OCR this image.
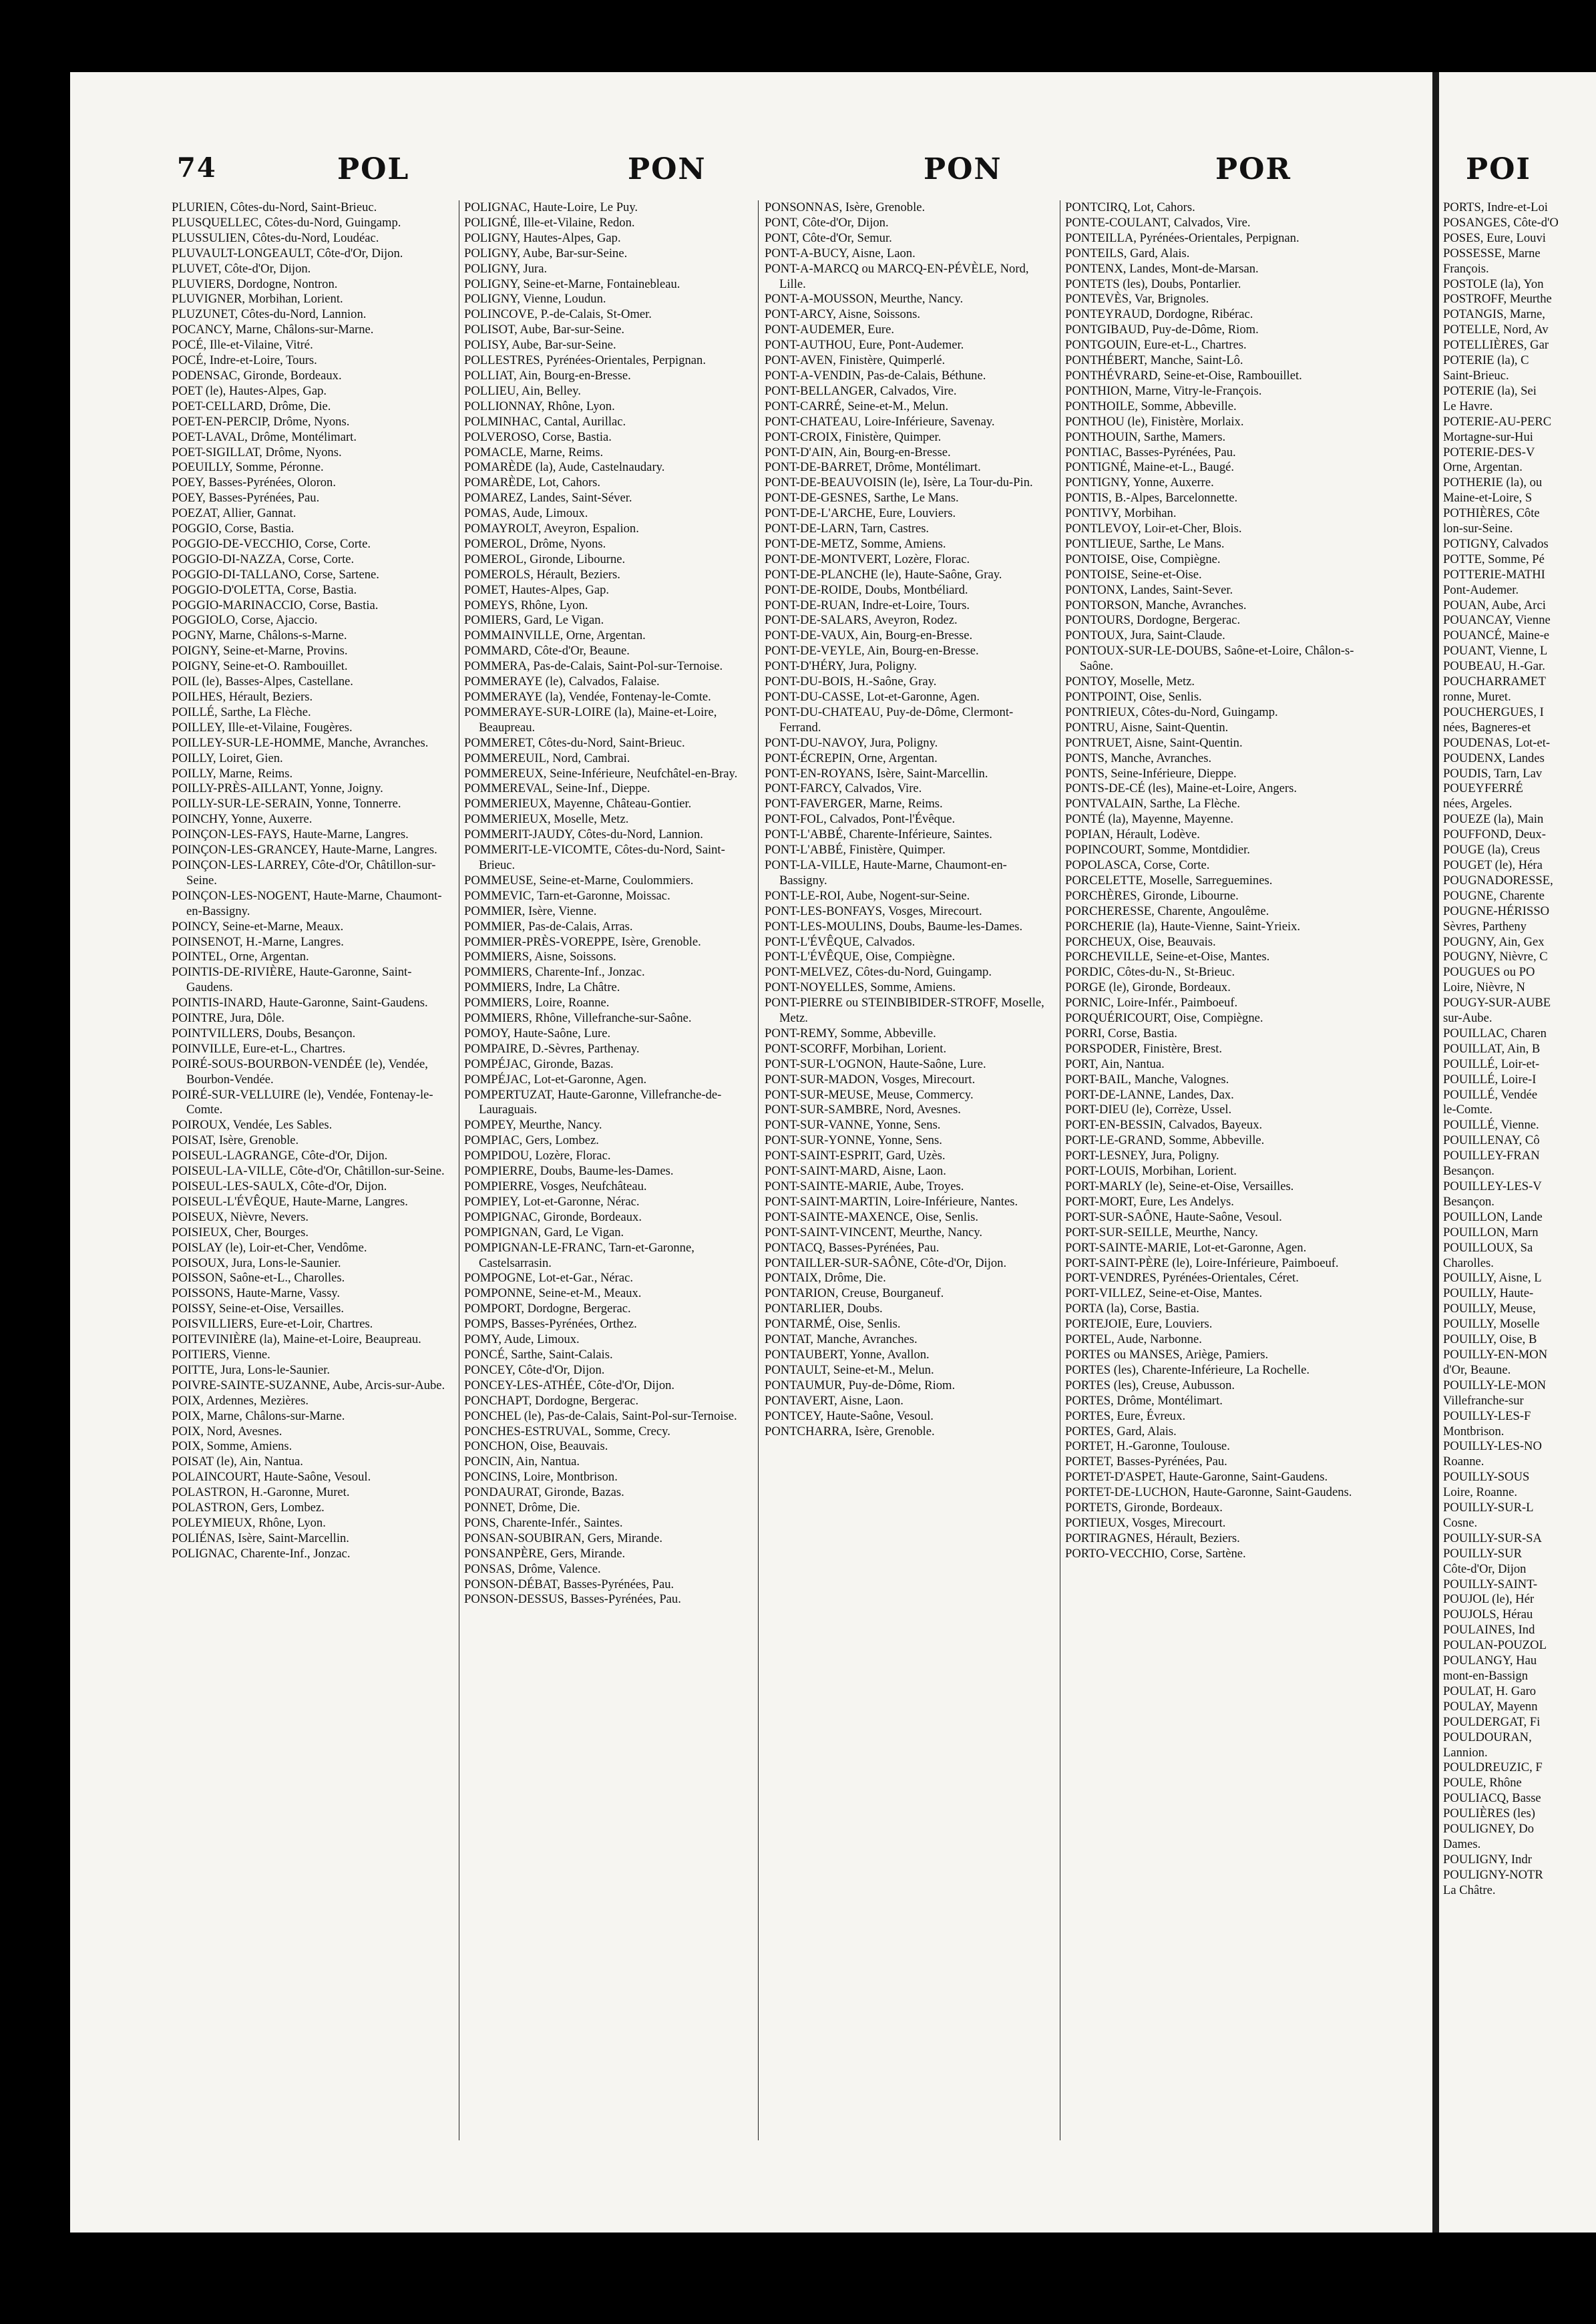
74	POL	PON	PON	POR

PLURIEN, Côtes-du-Nord, Saint-Brieuc.

PLUSQUELLEC, Côtes-du-Nord, Guingamp.

PLUSSULIEN, Côtes-du-Nord, Loudéac.

PLUVAULT-LONGEAULT, Côte-d'Or, Dijon.

PLUVET, Côte-d'Or, Dijon.

PLUVIERS, Dordogne, Nontron.

PLUVIGNER, Morbihan, Lorient.

PLUZUNET, Côtes-du-Nord, Lannion.

POCANCY, Marne, Châlons-sur-Marne.

POCÉ, Ille-et-Vilaine, Vitré.

POCÉ, Indre-et-Loire, Tours.

PODENSAC, Gironde, Bordeaux.

POET (le), Hautes-Alpes, Gap.

POET-CELLARD, Drôme, Die.

POET-EN-PERCIP, Drôme, Nyons.

POET-LAVAL, Drôme, Montélimart.

POET-SIGILLAT, Drôme, Nyons.

POEUILLY, Somme, Péronne.

POEY, Basses-Pyrénées, Oloron.

POEY, Basses-Pyrénées, Pau.

POEZAT, Allier, Gannat.

POGGIO, Corse, Bastia.

POGGIO-DE-VECCHIO, Corse, Corte.

POGGIO-DI-NAZZA, Corse, Corte.

POGGIO-DI-TALLANO, Corse, Sartene.

POGGIO-D'OLETTA, Corse, Bastia.

POGGIO-MARINACCIO, Corse, Bastia.

POGGIOLO, Corse, Ajaccio.

POGNY, Marne, Châlons-s-Marne.

POIGNY, Seine-et-Marne, Provins.

POIGNY, Seine-et-O. Rambouillet.

POIL (le), Basses-Alpes, Castellane.

POILHES, Hérault, Beziers.

POILLÉ, Sarthe, La Flèche.

POILLEY, Ille-et-Vilaine, Fougères.

POILLEY-SUR-LE-HOMME, Manche, Avranches.

POILLY, Loiret, Gien.

POILLY, Marne, Reims.

POILLY-PRÈS-AILLANT, Yonne, Joigny.

POILLY-SUR-LE-SERAIN, Yonne, Tonnerre.

POINCHY, Yonne, Auxerre.

POINÇON-LES-FAYS, Haute-Marne, Langres.

POINÇON-LES-GRANCEY, Haute-Marne, Langres.

POINÇON-LES-LARREY, Côte-d'Or, Châtillon-sur-Seine.

POINÇON-LES-NOGENT, Haute-Marne, Chaumont-en-Bassigny.

POINCY, Seine-et-Marne, Meaux.

POINSENOT, H.-Marne, Langres.

POINTEL, Orne, Argentan.

POINTIS-DE-RIVIÈRE, Haute-Garonne, Saint-Gaudens.

POINTIS-INARD, Haute-Garonne, Saint-Gaudens.

POINTRE, Jura, Dôle.

POINTVILLERS, Doubs, Besançon.

POINVILLE, Eure-et-L., Chartres.

POIRÉ-SOUS-BOURBON-VENDÉE (le), Vendée, Bourbon-Vendée.

POIRÉ-SUR-VELLUIRE (le), Vendée, Fontenay-le-Comte.

POIROUX, Vendée, Les Sables.

POISAT, Isère, Grenoble.

POISEUL-LAGRANGE, Côte-d'Or, Dijon.

POISEUL-LA-VILLE, Côte-d'Or, Châtillon-sur-Seine.

POISEUL-LES-SAULX, Côte-d'Or, Dijon.

POISEUL-L'ÉVÊQUE, Haute-Marne, Langres.

POISEUX, Nièvre, Nevers.

POISIEUX, Cher, Bourges.

POISLAY (le), Loir-et-Cher, Vendôme.

POISOUX, Jura, Lons-le-Saunier.

POISSON, Saône-et-L., Charolles.

POISSONS, Haute-Marne, Vassy.

POISSY, Seine-et-Oise, Versailles.

POISVILLIERS, Eure-et-Loir, Chartres.

POITEVINIÈRE (la), Maine-et-Loire, Beaupreau.

POITIERS, Vienne.

POITTE, Jura, Lons-le-Saunier.

POIVRE-SAINTE-SUZANNE, Aube, Arcis-sur-Aube.

POIX, Ardennes, Mezières.

POIX, Marne, Châlons-sur-Marne.

POIX, Nord, Avesnes.

POIX, Somme, Amiens.

POISAT (le), Ain, Nantua.

POLAINCOURT, Haute-Saône, Vesoul.

POLASTRON, H.-Garonne, Muret.

POLASTRON, Gers, Lombez.

POLEYMIEUX, Rhône, Lyon.

POLIÉNAS, Isère, Saint-Marcellin.

POLIGNAC, Charente-Inf., Jonzac.

POLIGNAC, Haute-Loire, Le Puy.

POLIGNÉ, Ille-et-Vilaine, Redon.

POLIGNY, Hautes-Alpes, Gap.

POLIGNY, Aube, Bar-sur-Seine.

POLIGNY, Jura.

POLIGNY, Seine-et-Marne, Fontainebleau.

POLIGNY, Vienne, Loudun.

POLINCOVE, P.-de-Calais, St-Omer.

POLISOT, Aube, Bar-sur-Seine.

POLISY, Aube, Bar-sur-Seine.

POLLESTRES, Pyrénées-Orientales, Perpignan.

POLLIAT, Ain, Bourg-en-Bresse.

POLLIEU, Ain, Belley.

POLLIONNAY, Rhône, Lyon.

POLMINHAC, Cantal, Aurillac.

POLVEROSO, Corse, Bastia.

POMACLE, Marne, Reims.

POMARÈDE (la), Aude, Castelnaudary.

POMARÈDE, Lot, Cahors.

POMAREZ, Landes, Saint-Séver.

POMAS, Aude, Limoux.

POMAYROLT, Aveyron, Espalion.

POMEROL, Drôme, Nyons.

POMEROL, Gironde, Libourne.

POMEROLS, Hérault, Beziers.

POMET, Hautes-Alpes, Gap.

POMEYS, Rhône, Lyon.

POMIERS, Gard, Le Vigan.

POMMAINVILLE, Orne, Argentan.

POMMARD, Côte-d'Or, Beaune.

POMMERA, Pas-de-Calais, Saint-Pol-sur-Ternoise.

POMMERAYE (le), Calvados, Falaise.

POMMERAYE (la), Vendée, Fontenay-le-Comte.

POMMERAYE-SUR-LOIRE (la), Maine-et-Loire, Beaupreau.

POMMERET, Côtes-du-Nord, Saint-Brieuc.

POMMEREUIL, Nord, Cambrai.

POMMEREUX, Seine-Inférieure, Neufchâtel-en-Bray.

POMMEREVAL, Seine-Inf., Dieppe.

POMMERIEUX, Mayenne, Château-Gontier.

POMMERIEUX, Moselle, Metz.

POMMERIT-JAUDY, Côtes-du-Nord, Lannion.

POMMERIT-LE-VICOMTE, Côtes-du-Nord, Saint-Brieuc.

POMMEUSE, Seine-et-Marne, Coulommiers.

POMMEVIC, Tarn-et-Garonne, Moissac.

POMMIER, Isère, Vienne.

POMMIER, Pas-de-Calais, Arras.

POMMIER-PRÈS-VOREPPE, Isère, Grenoble.

POMMIERS, Aisne, Soissons.

POMMIERS, Charente-Inf., Jonzac.

POMMIERS, Indre, La Châtre.

POMMIERS, Loire, Roanne.

POMMIERS, Rhône, Villefranche-sur-Saône.

POMOY, Haute-Saône, Lure.

POMPAIRE, D.-Sèvres, Parthenay.

POMPÉJAC, Gironde, Bazas.

POMPÉJAC, Lot-et-Garonne, Agen.

POMPERTUZAT, Haute-Garonne, Villefranche-de-Lauraguais.

POMPEY, Meurthe, Nancy.

POMPIAC, Gers, Lombez.

POMPIDOU, Lozère, Florac.

POMPIERRE, Doubs, Baume-les-Dames.

POMPIERRE, Vosges, Neufchâteau.

POMPIEY, Lot-et-Garonne, Nérac.

POMPIGNAC, Gironde, Bordeaux.

POMPIGNAN, Gard, Le Vigan.

POMPIGNAN-LE-FRANC, Tarn-et-Garonne, Castelsarrasin.

POMPOGNE, Lot-et-Gar., Nérac.

POMPONNE, Seine-et-M., Meaux.

POMPORT, Dordogne, Bergerac.

POMPS, Basses-Pyrénées, Orthez.

POMY, Aude, Limoux.

PONCÉ, Sarthe, Saint-Calais.

PONCEY, Côte-d'Or, Dijon.

PONCEY-LES-ATHÉE, Côte-d'Or, Dijon.

PONCHAPT, Dordogne, Bergerac.

PONCHEL (le), Pas-de-Calais, Saint-Pol-sur-Ternoise.

PONCHES-ESTRUVAL, Somme, Crecy.

PONCHON, Oise, Beauvais.

PONCIN, Ain, Nantua.

PONCINS, Loire, Montbrison.

PONDAURAT, Gironde, Bazas.

PONNET, Drôme, Die.

PONS, Charente-Infér., Saintes.

PONSAN-SOUBIRAN, Gers, Mirande.

PONSANPÈRE, Gers, Mirande.

PONSAS, Drôme, Valence.

PONSON-DÉBAT, Basses-Pyrénées, Pau.

PONSON-DESSUS, Basses-Pyrénées, Pau.

PONSONNAS, Isère, Grenoble.

PONT, Côte-d'Or, Dijon.

PONT, Côte-d'Or, Semur.

PONT-A-BUCY, Aisne, Laon.

PONT-A-MARCQ ou MARCQ-EN-PÉVÈLE, Nord, Lille.

PONT-A-MOUSSON, Meurthe, Nancy.

PONT-ARCY, Aisne, Soissons.

PONT-AUDEMER, Eure.

PONT-AUTHOU, Eure, Pont-Audemer.

PONT-AVEN, Finistère, Quimperlé.

PONT-A-VENDIN, Pas-de-Calais, Béthune.

PONT-BELLANGER, Calvados, Vire.

PONT-CARRÉ, Seine-et-M., Melun.

PONT-CHATEAU, Loire-Inférieure, Savenay.

PONT-CROIX, Finistère, Quimper.

PONT-D'AIN, Ain, Bourg-en-Bresse.

PONT-DE-BARRET, Drôme, Montélimart.

PONT-DE-BEAUVOISIN (le), Isère, La Tour-du-Pin.

PONT-DE-GESNES, Sarthe, Le Mans.

PONT-DE-L'ARCHE, Eure, Louviers.

PONT-DE-LARN, Tarn, Castres.

PONT-DE-METZ, Somme, Amiens.

PONT-DE-MONTVERT, Lozère, Florac.

PONT-DE-PLANCHE (le), Haute-Saône, Gray.

PONT-DE-ROIDE, Doubs, Montbéliard.

PONT-DE-RUAN, Indre-et-Loire, Tours.

PONT-DE-SALARS, Aveyron, Rodez.

PONT-DE-VAUX, Ain, Bourg-en-Bresse.

PONT-DE-VEYLE, Ain, Bourg-en-Bresse.

PONT-D'HÉRY, Jura, Poligny.

PONT-DU-BOIS, H.-Saône, Gray.

PONT-DU-CASSE, Lot-et-Garonne, Agen.

PONT-DU-CHATEAU, Puy-de-Dôme, Clermont-Ferrand.

PONT-DU-NAVOY, Jura, Poligny.

PONT-ÉCREPIN, Orne, Argentan.

PONT-EN-ROYANS, Isère, Saint-Marcellin.

PONT-FARCY, Calvados, Vire.

PONT-FAVERGER, Marne, Reims.

PONT-FOL, Calvados, Pont-l'Évêque.

PONT-L'ABBÉ, Charente-Inférieure, Saintes.

PONT-L'ABBÉ, Finistère, Quimper.

PONT-LA-VILLE, Haute-Marne, Chaumont-en-Bassigny.

PONT-LE-ROI, Aube, Nogent-sur-Seine.

PONT-LES-BONFAYS, Vosges, Mirecourt.

PONT-LES-MOULINS, Doubs, Baume-les-Dames.

PONT-L'ÉVÊQUE, Calvados.

PONT-L'ÉVÊQUE, Oise, Compiègne.

PONT-MELVEZ, Côtes-du-Nord, Guingamp.

PONT-NOYELLES, Somme, Amiens.

PONT-PIERRE ou STEINBIBIDER-STROFF, Moselle, Metz.

PONT-REMY, Somme, Abbeville.

PONT-SCORFF, Morbihan, Lorient.

PONT-SUR-L'OGNON, Haute-Saône, Lure.

PONT-SUR-MADON, Vosges, Mirecourt.

PONT-SUR-MEUSE, Meuse, Commercy.

PONT-SUR-SAMBRE, Nord, Avesnes.

PONT-SUR-VANNE, Yonne, Sens.

PONT-SUR-YONNE, Yonne, Sens.

PONT-SAINT-ESPRIT, Gard, Uzès.

PONT-SAINT-MARD, Aisne, Laon.

PONT-SAINTE-MARIE, Aube, Troyes.

PONT-SAINT-MARTIN, Loire-Inférieure, Nantes.

PONT-SAINTE-MAXENCE, Oise, Senlis.

PONT-SAINT-VINCENT, Meurthe, Nancy.

PONTACQ, Basses-Pyrénées, Pau.

PONTAILLER-SUR-SAÔNE, Côte-d'Or, Dijon.

PONTAIX, Drôme, Die.

PONTARION, Creuse, Bourganeuf.

PONTARLIER, Doubs.

PONTARMÉ, Oise, Senlis.

PONTAT, Manche, Avranches.

PONTAUBERT, Yonne, Avallon.

PONTAULT, Seine-et-M., Melun.

PONTAUMUR, Puy-de-Dôme, Riom.

PONTAVERT, Aisne, Laon.

PONTCEY, Haute-Saône, Vesoul.

PONTCHARRA, Isère, Grenoble.

PONTCIRQ, Lot, Cahors.

PONTE-COULANT, Calvados, Vire.

PONTEILLA, Pyrénées-Orientales, Perpignan.

PONTEILS, Gard, Alais.

PONTENX, Landes, Mont-de-Marsan.

PONTETS (les), Doubs, Pontarlier.

PONTEVÈS, Var, Brignoles.

PONTEYRAUD, Dordogne, Ribérac.

PONTGIBAUD, Puy-de-Dôme, Riom.

PONTGOUIN, Eure-et-L., Chartres.

PONTHÉBERT, Manche, Saint-Lô.

PONTHÉVRARD, Seine-et-Oise, Rambouillet.

PONTHION, Marne, Vitry-le-François.

PONTHOILE, Somme, Abbeville.

PONTHOU (le), Finistère, Morlaix.

PONTHOUIN, Sarthe, Mamers.

PONTIAC, Basses-Pyrénées, Pau.

PONTIGNÉ, Maine-et-L., Baugé.

PONTIGNY, Yonne, Auxerre.

PONTIS, B.-Alpes, Barcelonnette.

PONTIVY, Morbihan.

PONTLEVOY, Loir-et-Cher, Blois.

PONTLIEUE, Sarthe, Le Mans.

PONTOISE, Oise, Compiègne.

PONTOISE, Seine-et-Oise.

PONTONX, Landes, Saint-Sever.

PONTORSON, Manche, Avranches.

PONTOURS, Dordogne, Bergerac.

PONTOUX, Jura, Saint-Claude.

PONTOUX-SUR-LE-DOUBS, Saône-et-Loire, Châlon-s-Saône.

PONTOY, Moselle, Metz.

PONTPOINT, Oise, Senlis.

PONTRIEUX, Côtes-du-Nord, Guingamp.

PONTRU, Aisne, Saint-Quentin.

PONTRUET, Aisne, Saint-Quentin.

PONTS, Manche, Avranches.

PONTS, Seine-Inférieure, Dieppe.

PONTS-DE-CÉ (les), Maine-et-Loire, Angers.

PONTVALAIN, Sarthe, La Flèche.

PONTÉ (la), Mayenne, Mayenne.

POPIAN, Hérault, Lodève.

POPINCOURT, Somme, Montdidier.

POPOLASCA, Corse, Corte.

PORCELETTE, Moselle, Sarreguemines.

PORCHÈRES, Gironde, Libourne.

PORCHERESSE, Charente, Angoulême.

PORCHERIE (la), Haute-Vienne, Saint-Yrieix.

PORCHEUX, Oise, Beauvais.

PORCHEVILLE, Seine-et-Oise, Mantes.

PORDIC, Côtes-du-N., St-Brieuc.

PORGE (le), Gironde, Bordeaux.

PORNIC, Loire-Infér., Paimboeuf.

PORQUÉRICOURT, Oise, Compiègne.

PORRI, Corse, Bastia.

PORSPODER, Finistère, Brest.

PORT, Ain, Nantua.

PORT-BAIL, Manche, Valognes.

PORT-DE-LANNE, Landes, Dax.

PORT-DIEU (le), Corrèze, Ussel.

PORT-EN-BESSIN, Calvados, Bayeux.

PORT-LE-GRAND, Somme, Abbeville.

PORT-LESNEY, Jura, Poligny.

PORT-LOUIS, Morbihan, Lorient.

PORT-MARLY (le), Seine-et-Oise, Versailles.

PORT-MORT, Eure, Les Andelys.

PORT-SUR-SAÔNE, Haute-Saône, Vesoul.

PORT-SUR-SEILLE, Meurthe, Nancy.

PORT-SAINTE-MARIE, Lot-et-Garonne, Agen.

PORT-SAINT-PÈRE (le), Loire-Inférieure, Paimboeuf.

PORT-VENDRES, Pyrénées-Orientales, Céret.

PORT-VILLEZ, Seine-et-Oise, Mantes.

PORTA (la), Corse, Bastia.

PORTEJOIE, Eure, Louviers.

PORTEL, Aude, Narbonne.

PORTES ou MANSES, Ariège, Pamiers.

PORTES (les), Charente-Inférieure, La Rochelle.

PORTES (les), Creuse, Aubusson.

PORTES, Drôme, Montélimart.

PORTES, Eure, Évreux.

PORTES, Gard, Alais.

PORTET, H.-Garonne, Toulouse.

PORTET, Basses-Pyrénées, Pau.

PORTET-D'ASPET, Haute-Garonne, Saint-Gaudens.

PORTET-DE-LUCHON, Haute-Garonne, Saint-Gaudens.

PORTETS, Gironde, Bordeaux.

PORTIEUX, Vosges, Mirecourt.

PORTIRAGNES, Hérault, Beziers.

PORTO-VECCHIO, Corse, Sartène.

POI

PORTS, Indre-et-Loi

POSANGES, Côte-d'O

POSES, Eure, Louvi

POSSESSE, Marne

François.

POSTOLE (la), Yon

POSTROFF, Meurthe

POTANGIS, Marne,

POTELLE, Nord, Av

POTELLIÈRES, Gar

POTERIE (la), C

Saint-Brieuc.

POTERIE (la), Sei

Le Havre.

POTERIE-AU-PERC

Mortagne-sur-Hui

POTERIE-DES-V

Orne, Argentan.

POTHERIE (la), ou

Maine-et-Loire, S

POTHIÈRES, Côte

lon-sur-Seine.

POTIGNY, Calvados

POTTE, Somme, Pé

POTTERIE-MATHI

Pont-Audemer.

POUAN, Aube, Arci

POUANCAY, Vienne

POUANCÉ, Maine-e

POUANT, Vienne, L

POUBEAU, H.-Gar.

POUCHARRAMET

ronne, Muret.

POUCHERGUES, I

nées, Bagneres-et

POUDENAS, Lot-et-

POUDENX, Landes

POUDIS, Tarn, Lav

POUEYFERRÉ

nées, Argeles.

POUEZE (la), Main

POUFFOND, Deux-

POUGE (la), Creus

POUGET (le), Héra

POUGNADORESSE,

POUGNE, Charente

POUGNE-HÉRISSO

Sèvres, Partheny

POUGNY, Ain, Gex

POUGNY, Nièvre, C

POUGUES ou PO

Loire, Nièvre, N

POUGY-SUR-AUBE

sur-Aube.

POUILLAC, Charen

POUILLAT, Ain, B

POUILLÉ, Loir-et-

POUILLÉ, Loire-I

POUILLÉ, Vendée

le-Comte.

POUILLÉ, Vienne.

POUILLENAY, Cô

POUILLEY-FRAN

Besançon.

POUILLEY-LES-V

Besançon.

POUILLON, Lande

POUILLON, Marn

POUILLOUX, Sa

Charolles.

POUILLY, Aisne, L

POUILLY, Haute-

POUILLY, Meuse,

POUILLY, Moselle

POUILLY, Oise, B

POUILLY-EN-MON

d'Or, Beaune.

POUILLY-LE-MON

Villefranche-sur

POUILLY-LES-F

Montbrison.

POUILLY-LES-NO

Roanne.

POUILLY-SOUS

Loire, Roanne.

POUILLY-SUR-L

Cosne.

POUILLY-SUR-SA

POUILLY-SUR

Côte-d'Or, Dijon

POUILLY-SAINT-

POUJOL (le), Hér

POUJOLS, Hérau

POULAINES, Ind

POULAN-POUZOL

POULANGY, Hau

mont-en-Bassign

POULAT, H. Garo

POULAY, Mayenn

POULDERGAT, Fi

POULDOURAN,

Lannion.

POULDREUZIC, F

POULE, Rhône

POULIACQ, Basse

POULIÈRES (les)

POULIGNEY, Do

Dames.

POULIGNY, Indr

POULIGNY-NOTR

La Châtre.
